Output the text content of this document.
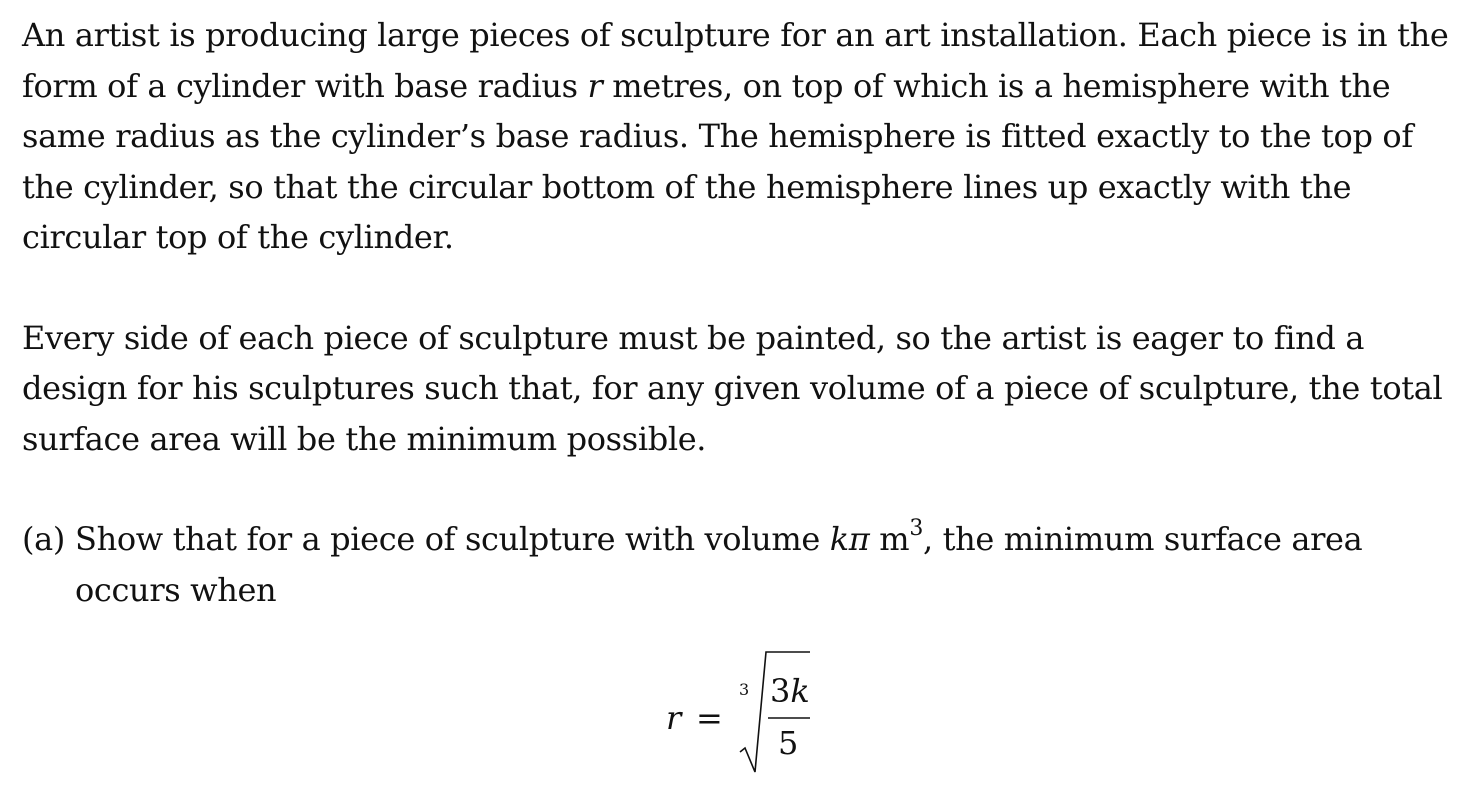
An artist is producing large pieces of sculpture for an art installation. Each piece is in the form of a cylinder with base radius r metres, on top of which is a hemisphere with the same radius as the cylinder’s base radius. The hemisphere is fitted exactly to the top of the cylinder, so that the circular bottom of the hemisphere lines up exactly with the circular top of the cylinder.

Every side of each piece of sculpture must be painted, so the artist is eager to find a design for his sculptures such that, for any given volume of a piece of sculpture, the total surface area will be the minimum possible.

(a) Show that for a piece of sculpture with volume kπ $m^3$, the minimum surface area occurs when
r =
3 3k
5
